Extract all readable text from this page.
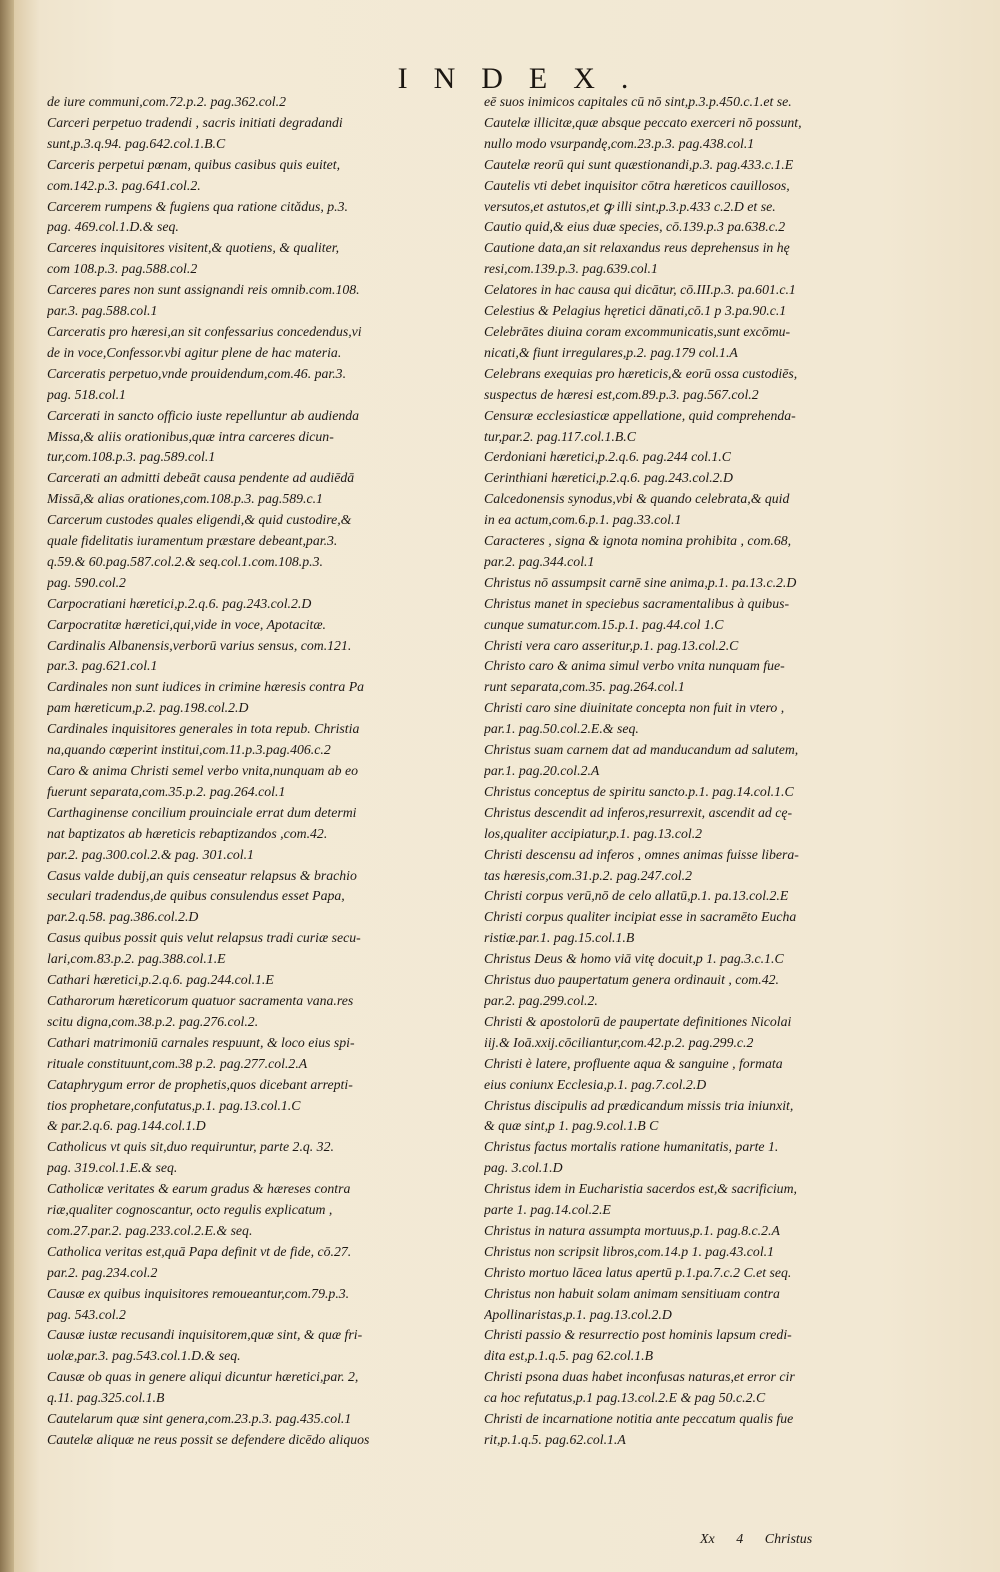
INDEX.

de iure communi,com.72.p.2. pag.362.col.2

Carceri perpetuo tradendi , sacris initiati degradandi

sunt,p.3.q.94. pag.642.col.1.B.C

Carceris perpetui pœnam, quibus casibus quis euitet,

com.142.p.3. pag.641.col.2.

Carcerem rumpens & fugiens qua ratione citădus, p.3.

pag. 469.col.1.D.& seq.

Carceres inquisitores visitent,& quotiens, & qualiter,

com 108.p.3. pag.588.col.2

Carceres pares non sunt assignandi reis omnib.com.108.

par.3. pag.588.col.1

Carceratis pro hæresi,an sit confessarius concedendus,vi

de in voce,Confessor.vbi agitur plene de hac materia.

Carceratis perpetuo,vnde prouidendum,com.46. par.3.

pag. 518.col.1

Carcerati in sancto officio iuste repelluntur ab audienda

Missa,& aliis orationibus,quæ intra carceres dicun-

tur,com.108.p.3. pag.589.col.1

Carcerati an admitti debeāt causa pendente ad audiēdā

Missā,& alias orationes,com.108.p.3. pag.589.c.1

Carcerum custodes quales eligendi,& quid custodire,&

quale fidelitatis iuramentum præstare debeant,par.3.

q.59.& 60.pag.587.col.2.& seq.col.1.com.108.p.3.

pag. 590.col.2

Carpocratiani hæretici,p.2.q.6. pag.243.col.2.D

Carpocratitæ hæretici,qui,vide in voce, Apotacitæ.

Cardinalis Albanensis,verborū varius sensus, com.121.

par.3. pag.621.col.1

Cardinales non sunt iudices in crimine hæresis contra Pa

pam hæreticum,p.2. pag.198.col.2.D

Cardinales inquisitores generales in tota repub. Christia

na,quando cœperint institui,com.11.p.3.pag.406.c.2

Caro & anima Christi semel verbo vnita,nunquam ab eo

fuerunt separata,com.35.p.2. pag.264.col.1

Carthaginense concilium prouinciale errat dum determi

nat baptizatos ab hæreticis rebaptizandos ,com.42.

par.2. pag.300.col.2.& pag. 301.col.1

Casus valde dubij,an quis censeatur relapsus & brachio

seculari tradendus,de quibus consulendus esset Papa,

par.2.q.58. pag.386.col.2.D

Casus quibus possit quis velut relapsus tradi curiæ secu-

lari,com.83.p.2. pag.388.col.1.E

Cathari hæretici,p.2.q.6. pag.244.col.1.E

Catharorum hæreticorum quatuor sacramenta vana.res

scitu digna,com.38.p.2. pag.276.col.2.

Cathari matrimoniū carnales respuunt, & loco eius spi-

rituale constituunt,com.38 p.2. pag.277.col.2.A

Cataphrygum error de prophetis,quos dicebant arrepti-

tios prophetare,confutatus,p.1. pag.13.col.1.C

& par.2.q.6. pag.144.col.1.D

Catholicus vt quis sit,duo requiruntur, parte 2.q. 32.

pag. 319.col.1.E.& seq.

Catholicæ veritates & earum gradus & hæreses contra

riæ,qualiter cognoscantur, octo regulis explicatum ,

com.27.par.2. pag.233.col.2.E.& seq.

Catholica veritas est,quā Papa definit vt de fide, cō.27.

par.2. pag.234.col.2

Causæ ex quibus inquisitores remoueantur,com.79.p.3.

pag. 543.col.2

Causæ iustæ recusandi inquisitorem,quæ sint, & quæ fri-

uolæ,par.3. pag.543.col.1.D.& seq.

Causæ ob quas in genere aliqui dicuntur hæretici,par. 2,

q.11. pag.325.col.1.B

Cautelarum quæ sint genera,com.23.p.3. pag.435.col.1

Cautelæ aliquæ ne reus possit se defendere dicēdo aliquos

eē suos inimicos capitales cū nō sint,p.3.p.450.c.1.et se.

Cautelæ illicitæ,quæ absque peccato exerceri nō possunt,

nullo modo vsurpandę,com.23.p.3. pag.438.col.1

Cautelæ reorū qui sunt quæstionandi,p.3. pag.433.c.1.E

Cautelis vti debet inquisitor cōtra hæreticos cauillosos,

versutos,et astutos,et ꝙ illi sint,p.3.p.433 c.2.D et se.

Cautio quid,& eius duæ species, cō.139.p.3 pa.638.c.2

Cautione data,an sit relaxandus reus deprehensus in hę

resi,com.139.p.3. pag.639.col.1

Celatores in hac causa qui dicātur, cō.III.p.3. pa.601.c.1

Celestius & Pelagius hęretici dānati,cō.1 p 3.pa.90.c.1

Celebrātes diuina coram excommunicatis,sunt excōmu-

nicati,& fiunt irregulares,p.2. pag.179 col.1.A

Celebrans exequias pro hæreticis,& eorū ossa custodiēs,

suspectus de hæresi est,com.89.p.3. pag.567.col.2

Censuræ ecclesiasticæ appellatione, quid comprehenda-

tur,par.2. pag.117.col.1.B.C

Cerdoniani hæretici,p.2.q.6. pag.244 col.1.C

Cerinthiani hæretici,p.2.q.6. pag.243.col.2.D

Calcedonensis synodus,vbi & quando celebrata,& quid

in ea actum,com.6.p.1. pag.33.col.1

Caracteres , signa & ignota nomina prohibita , com.68,

par.2. pag.344.col.1

Christus nō assumpsit carnē sine anima,p.1. pa.13.c.2.D

Christus manet in speciebus sacramentalibus à quibus-

cunque sumatur.com.15.p.1. pag.44.col 1.C

Christi vera caro asseritur,p.1. pag.13.col.2.C

Christo caro & anima simul verbo vnita nunquam fue-

runt separata,com.35. pag.264.col.1

Christi caro sine diuinitate concepta non fuit in vtero ,

par.1. pag.50.col.2.E.& seq.

Christus suam carnem dat ad manducandum ad salutem,

par.1. pag.20.col.2.A

Christus conceptus de spiritu sancto.p.1. pag.14.col.1.C

Christus descendit ad inferos,resurrexit, ascendit ad cę-

los,qualiter accipiatur,p.1. pag.13.col.2

Christi descensu ad inferos , omnes animas fuisse libera-

tas hæresis,com.31.p.2. pag.247.col.2

Christi corpus verū,nō de celo allatū,p.1. pa.13.col.2.E

Christi corpus qualiter incipiat esse in sacramēto Eucha

ristiæ.par.1. pag.15.col.1.B

Christus Deus & homo viā vitę docuit,p 1. pag.3.c.1.C

Christus duo paupertatum genera ordinauit , com.42.

par.2. pag.299.col.2.

Christi & apostolorū de paupertate definitiones Nicolai

iij.& Ioā.xxij.cōciliantur,com.42.p.2. pag.299.c.2

Christi è latere, profluente aqua & sanguine , formata

eius coniunx Ecclesia,p.1. pag.7.col.2.D

Christus discipulis ad prædicandum missis tria iniunxit,

& quæ sint,p 1. pag.9.col.1.B C

Christus factus mortalis ratione humanitatis, parte 1.

pag. 3.col.1.D

Christus idem in Eucharistia sacerdos est,& sacrificium,

parte 1. pag.14.col.2.E

Christus in natura assumpta mortuus,p.1. pag.8.c.2.A

Christus non scripsit libros,com.14.p 1. pag.43.col.1

Christo mortuo lācea latus apertū p.1.pa.7.c.2 C.et seq.

Christus non habuit solam animam sensitiuam contra

Apollinaristas,p.1. pag.13.col.2.D

Christi passio & resurrectio post hominis lapsum credi-

dita est,p.1.q.5. pag 62.col.1.B

Christi psona duas habet inconfusas naturas,et error cir

ca hoc refutatus,p.1 pag.13.col.2.E & pag 50.c.2.C

Christi de incarnatione notitia ante peccatum qualis fue

rit,p.1.q.5. pag.62.col.1.A

Xx 4 Christus
